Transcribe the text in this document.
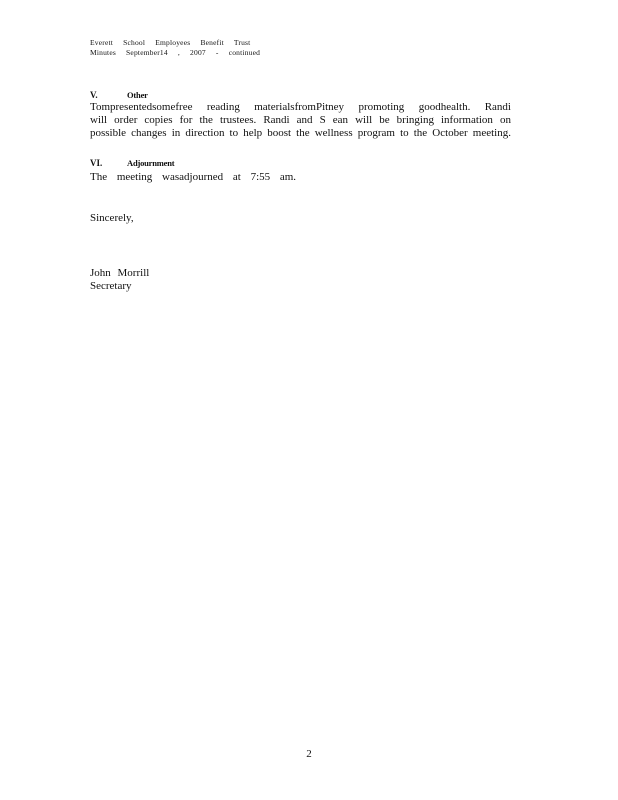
Everett School Employees Benefit Trust
Minutes September14 , 2007 - continued
V.	Other
Tompresentedsomefree reading materialsfromPitney promoting goodhealth. Randi
will order copies for the trustees. Randi and S ean will be bringing information on
possible changes in direction to help boost the wellness program to the October meeting.
VI.	Adjournment
The meeting wasadjourned at 7:55 am.
Sincerely,
John Morrill
Secretary
2
